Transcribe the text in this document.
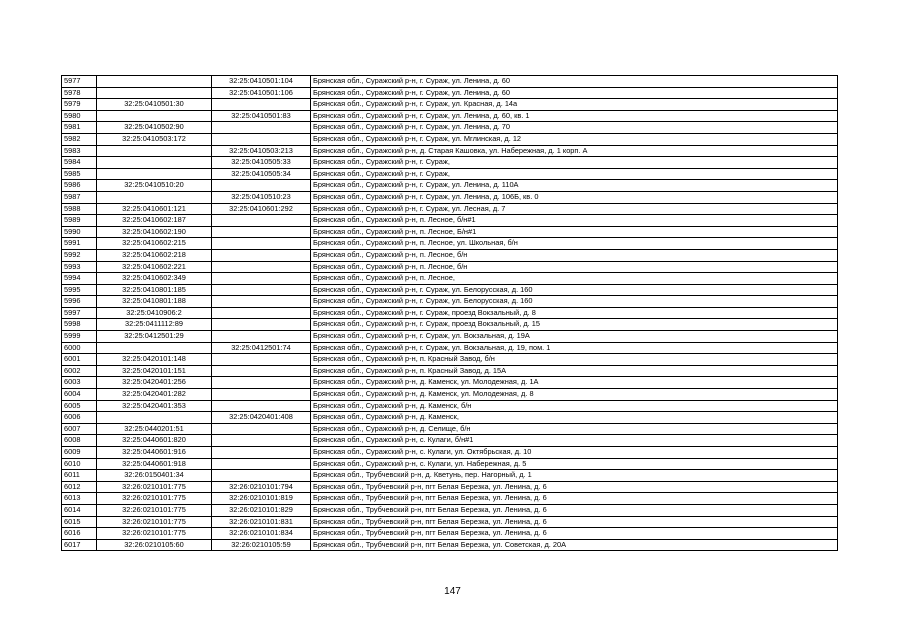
5977		32:25:0410501:104	Брянская обл., Суражский р-н, г. Сураж, ул. Ленина, д. 60
5978		32:25:0410501:106	Брянская обл., Суражский р-н, г. Сураж, ул. Ленина, д. 60
5979	32:25:0410501:30		Брянская обл., Суражский р-н, г. Сураж, ул. Красная, д. 14а
5980		32:25:0410501:83	Брянская обл., Суражский р-н, г. Сураж, ул. Ленина, д. 60, кв. 1
5981	32:25:0410502:90		Брянская обл., Суражский р-н, г. Сураж, ул. Ленина, д. 70
5982	32:25:0410503:172		Брянская обл., Суражский р-н, г. Сураж, ул. Мглинская, д. 12
5983		32:25:0410503:213	Брянская обл., Суражский р-н, д. Старая Кашовка, ул. Набережная, д. 1 корп. А
5984		32:25:0410505:33	Брянская обл., Суражский р-н, г. Сураж,
5985		32:25:0410505:34	Брянская обл., Суражский р-н, г. Сураж,
5986	32:25:0410510:20		Брянская обл., Суражский р-н, г. Сураж, ул. Ленина, д. 110А
5987		32:25:0410510:23	Брянская обл., Суражский р-н, г. Сураж, ул. Ленина, д. 106Б, кв. 0
5988	32:25:0410601:121	32:25:0410601:292	Брянская обл., Суражский р-н, г. Сураж, ул. Лесная, д. 7
5989	32:25:0410602:187		Брянская обл., Суражский р-н, п. Лесное, б/н#1
5990	32:25:0410602:190		Брянская обл., Суражский р-н, п. Лесное, Б/н#1
5991	32:25:0410602:215		Брянская обл., Суражский р-н, п. Лесное, ул. Школьная, б/н
5992	32:25:0410602:218		Брянская обл., Суражский р-н, п. Лесное, б/н
5993	32:25:0410602:221		Брянская обл., Суражский р-н, п. Лесное, б/н
5994	32:25:0410602:349		Брянская обл., Суражский р-н, п. Лесное,
5995	32:25:0410801:185		Брянская обл., Суражский р-н, г. Сураж, ул. Белорусская, д. 160
5996	32:25:0410801:188		Брянская обл., Суражский р-н, г. Сураж, ул. Белорусская, д. 160
5997	32:25:0410906:2		Брянская обл., Суражский р-н, г. Сураж, проезд Вокзальный, д. 8
5998	32:25:0411112:89		Брянская обл., Суражский р-н, г. Сураж, проезд Вокзальный, д. 15
5999	32:25:0412501:29		Брянская обл., Суражский р-н, г. Сураж, ул. Вокзальная, д. 19А
6000		32:25:0412501:74	Брянская обл., Суражский р-н, г. Сураж, ул. Вокзальная, д. 19, пом. 1
6001	32:25:0420101:148		Брянская обл., Суражский р-н, п. Красный Завод, б/н
6002	32:25:0420101:151		Брянская обл., Суражский р-н, п. Красный Завод, д. 15А
6003	32:25:0420401:256		Брянская обл., Суражский р-н, д. Каменск, ул. Молодежная, д. 1А
6004	32:25:0420401:282		Брянская обл., Суражский р-н, д. Каменск, ул. Молодежная, д. 8
6005	32:25:0420401:353		Брянская обл., Суражский р-н, д. Каменск, б/н
6006		32:25:0420401:408	Брянская обл., Суражский р-н, д. Каменск,
6007	32:25:0440201:51		Брянская обл., Суражский р-н, д. Селище, б/н
6008	32:25:0440601:820		Брянская обл., Суражский р-н, с. Кулаги, б/н#1
6009	32:25:0440601:916		Брянская обл., Суражский р-н, с. Кулаги, ул. Октябрьская, д. 10
6010	32:25:0440601:918		Брянская обл., Суражский р-н, с. Кулаги, ул. Набережная, д. 5
6011	32:26:0150401:34		Брянская обл., Трубчевский р-н, д. Кветунь, пер. Нагорный, д. 1
6012	32:26:0210101:775	32:26:0210101:794	Брянская обл., Трубчевский р-н, пгт Белая Березка, ул. Ленина, д. 6
6013	32:26:0210101:775	32:26:0210101:819	Брянская обл., Трубчевский р-н, пгт Белая Березка, ул. Ленина, д. 6
6014	32:26:0210101:775	32:26:0210101:829	Брянская обл., Трубчевский р-н, пгт Белая Березка, ул. Ленина, д. 6
6015	32:26:0210101:775	32:26:0210101:831	Брянская обл., Трубчевский р-н, пгт Белая Березка, ул. Ленина, д. 6
6016	32:26:0210101:775	32:26:0210101:834	Брянская обл., Трубчевский р-н, пгт Белая Березка, ул. Ленина, д. 6
6017	32:26:0210105:60	32:26:0210105:59	Брянская обл., Трубчевский р-н, пгт Белая Березка, ул. Советская, д. 20А
147
